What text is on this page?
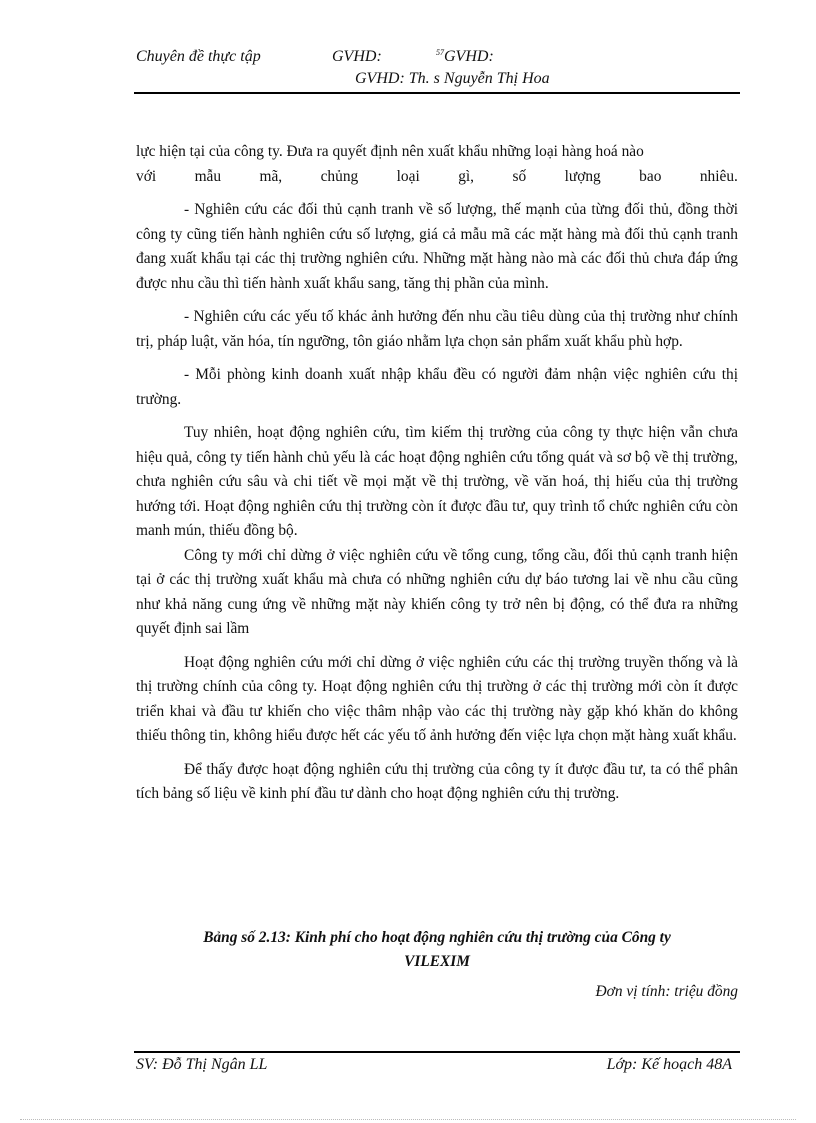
Chuyên đề thực tập	GVHD:	$^{57}$GVHD:
GVHD: Th. s Nguyễn Thị Hoa

lực hiện tại của công ty. Đưa ra quyết định nên xuất khẩu những loại hàng hoá nào

với mẫu mã, chủng loại gì, số lượng bao nhiêu.

- Nghiên cứu các đối thủ cạnh tranh về số lượng, thế mạnh của từng đối thủ, đồng thời công ty cũng tiến hành nghiên cứu số lượng, giá cả mẫu mã các mặt hàng mà đối thủ cạnh tranh đang xuất khẩu tại các thị trường nghiên cứu. Những mặt hàng nào mà các đối thủ chưa đáp ứng được nhu cầu thì tiến hành xuất khẩu sang, tăng thị phần của mình.

- Nghiên cứu các yếu tố khác ảnh hưởng đến nhu cầu tiêu dùng của thị trường như chính trị, pháp luật, văn hóa, tín ngưỡng, tôn giáo nhằm lựa chọn sản phẩm xuất khẩu phù hợp.

- Mỗi phòng kinh doanh xuất nhập khẩu đều có người đảm nhận việc nghiên cứu thị trường.

Tuy nhiên, hoạt động nghiên cứu, tìm kiếm thị trường của công ty thực hiện vẫn chưa hiệu quả, công ty tiến hành chủ yếu là các hoạt động nghiên cứu tổng quát và sơ bộ về thị trường, chưa nghiên cứu sâu và chi tiết về mọi mặt về thị trường, về văn hoá, thị hiếu của thị trường hướng tới. Hoạt động nghiên cứu thị trường còn ít được đầu tư, quy trình tổ chức nghiên cứu còn manh mún, thiếu đồng bộ.

Công ty mới chỉ dừng ở việc nghiên cứu về tổng cung, tổng cầu, đối thủ cạnh tranh hiện tại ở các thị trường xuất khẩu mà chưa có những nghiên cứu dự báo tương lai về nhu cầu cũng như khả năng cung ứng về những mặt này khiến công ty trở nên bị động, có thể đưa ra những quyết định sai lầm

Hoạt động nghiên cứu mới chỉ dừng ở việc nghiên cứu các thị trường truyền thống và là thị trường chính của công ty. Hoạt động nghiên cứu thị trường ở các thị trường mới còn ít được triển khai và đầu tư khiến cho việc thâm nhập vào các thị trường này gặp khó khăn do không thiếu thông tin, không hiểu được hết các yếu tố ảnh hưởng đến việc lựa chọn mặt hàng xuất khẩu.

Để thấy được hoạt động nghiên cứu thị trường của công ty ít được đầu tư, ta có thể phân tích bảng số liệu về kinh phí đầu tư dành cho hoạt động nghiên cứu thị trường.

Bảng số 2.13: Kinh phí cho hoạt động nghiên cứu thị trường của Công ty
VILEXIM
Đơn vị tính: triệu đồng
SV: Đỗ Thị Ngân LL	Lớp: Kế hoạch 48A
